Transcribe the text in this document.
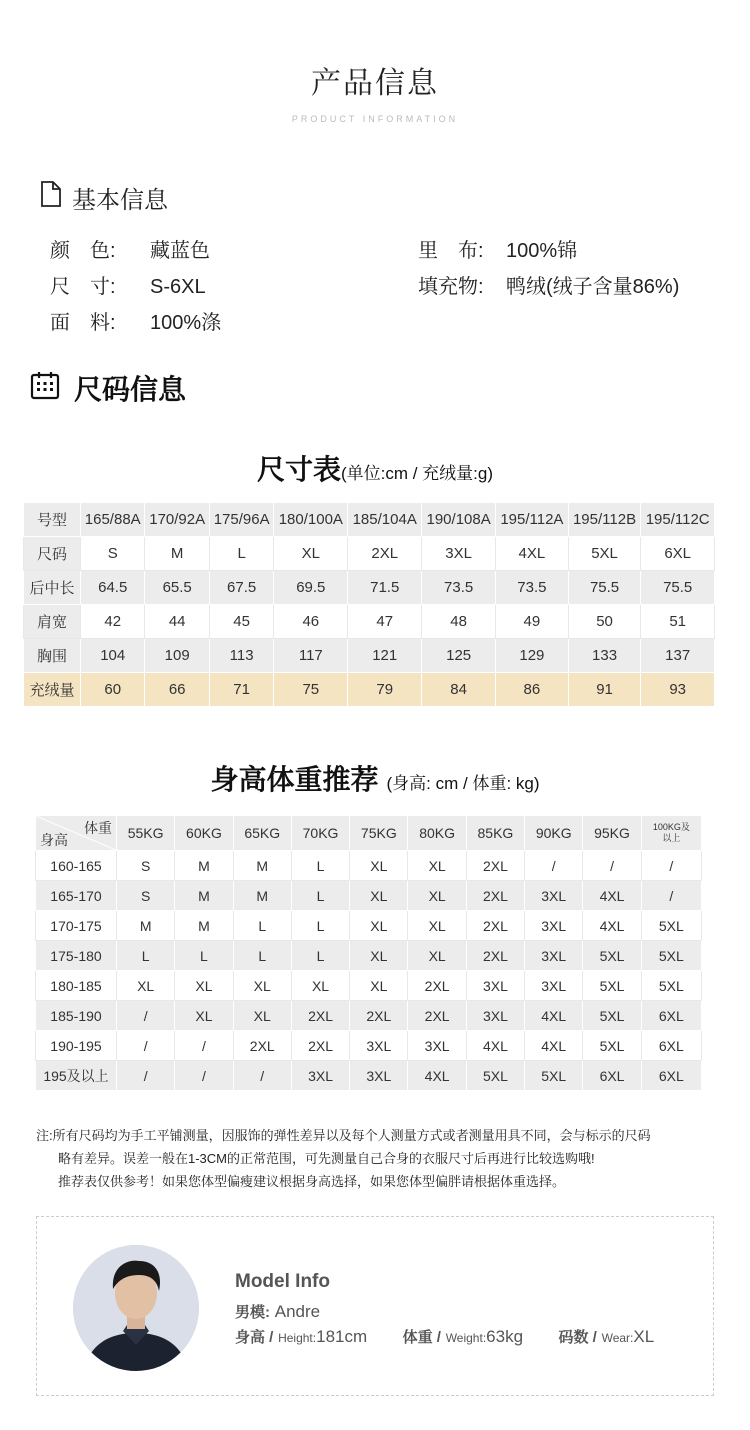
产品信息
PRODUCT INFORMATION
基本信息
颜　色: 藏蓝色
尺　寸: S-6XL
面　料: 100%涤
里　布: 100%锦
填充物: 鸭绒(绒子含量86%)
尺码信息
尺寸表(单位:cm / 充绒量:g)
号型	165/88A	170/92A	175/96A	180/100A	185/104A	190/108A	195/112A	195/112B	195/112C
尺码	S	M	L	XL	2XL	3XL	4XL	5XL	6XL
后中长	64.5	65.5	67.5	69.5	71.5	73.5	73.5	75.5	75.5
肩宽	42	44	45	46	47	48	49	50	51
胸围	104	109	113	117	121	125	129	133	137
充绒量	60	66	71	75	79	84	86	91	93
身高体重推荐 (身高: cm / 体重: kg)
体重
身高	55KG	60KG	65KG	70KG	75KG	80KG	85KG	90KG	95KG	100KG及
以上
160-165	S	M	M	L	XL	XL	2XL	/	/	/
165-170	S	M	M	L	XL	XL	2XL	3XL	4XL	/
170-175	M	M	L	L	XL	XL	2XL	3XL	4XL	5XL
175-180	L	L	L	L	XL	XL	2XL	3XL	5XL	5XL
180-185	XL	XL	XL	XL	XL	2XL	3XL	3XL	5XL	5XL
185-190	/	XL	XL	2XL	2XL	2XL	3XL	4XL	5XL	6XL
190-195	/	/	2XL	2XL	3XL	3XL	4XL	4XL	5XL	6XL
195及以上	/	/	/	3XL	3XL	4XL	5XL	5XL	6XL	6XL
注:所有尺码均为手工平铺测量，因服饰的弹性差异以及每个人测量方式或者测量用具不同，会与标示的尺码
略有差异。误差一般在1-3CM的正常范围，可先测量自己合身的衣服尺寸后再进行比较选购哦!
推荐表仅供参考！如果您体型偏瘦建议根据身高选择，如果您体型偏胖请根据体重选择。
Model Info
男模: Andre
身高 / Height:181cm 体重 / Weight:63kg 码数 / Wear:XL
